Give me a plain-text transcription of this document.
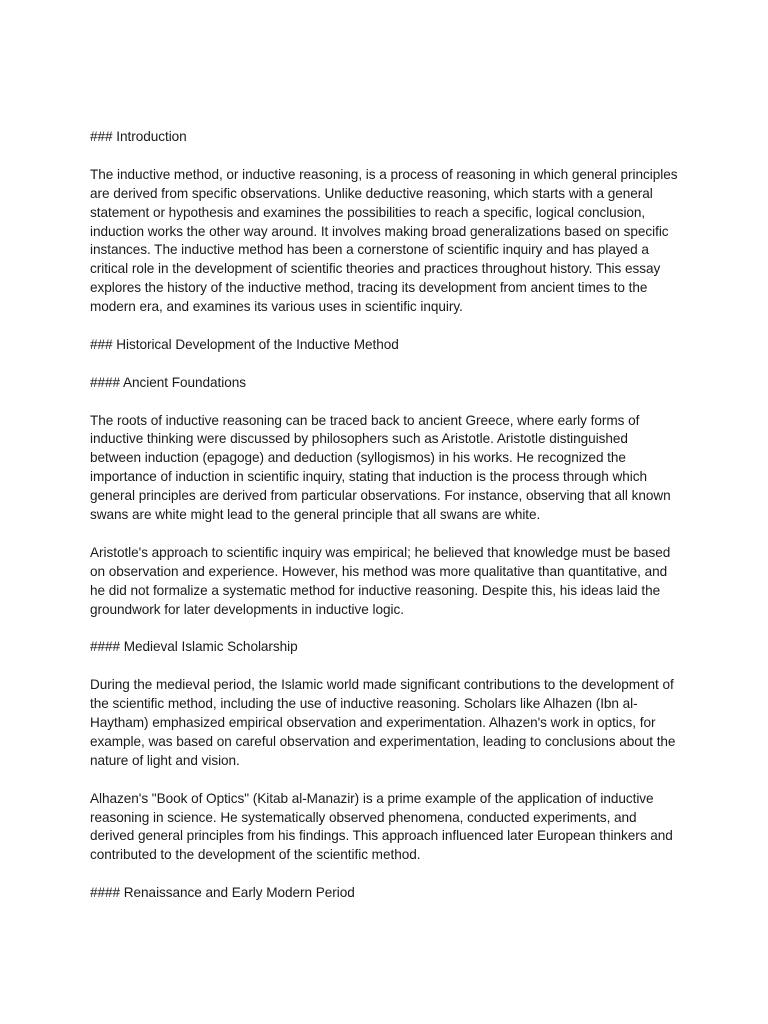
### Introduction

The inductive method, or inductive reasoning, is a process of reasoning in which general principles are derived from specific observations. Unlike deductive reasoning, which starts with a general statement or hypothesis and examines the possibilities to reach a specific, logical conclusion, induction works the other way around. It involves making broad generalizations based on specific instances. The inductive method has been a cornerstone of scientific inquiry and has played a critical role in the development of scientific theories and practices throughout history. This essay explores the history of the inductive method, tracing its development from ancient times to the modern era, and examines its various uses in scientific inquiry.

### Historical Development of the Inductive Method

#### Ancient Foundations

The roots of inductive reasoning can be traced back to ancient Greece, where early forms of inductive thinking were discussed by philosophers such as Aristotle. Aristotle distinguished between induction (epagoge) and deduction (syllogismos) in his works. He recognized the importance of induction in scientific inquiry, stating that induction is the process through which general principles are derived from particular observations. For instance, observing that all known swans are white might lead to the general principle that all swans are white.

Aristotle's approach to scientific inquiry was empirical; he believed that knowledge must be based on observation and experience. However, his method was more qualitative than quantitative, and he did not formalize a systematic method for inductive reasoning. Despite this, his ideas laid the groundwork for later developments in inductive logic.

#### Medieval Islamic Scholarship

During the medieval period, the Islamic world made significant contributions to the development of the scientific method, including the use of inductive reasoning. Scholars like Alhazen (Ibn al-Haytham) emphasized empirical observation and experimentation. Alhazen's work in optics, for example, was based on careful observation and experimentation, leading to conclusions about the nature of light and vision.

Alhazen's "Book of Optics" (Kitab al-Manazir) is a prime example of the application of inductive reasoning in science. He systematically observed phenomena, conducted experiments, and derived general principles from his findings. This approach influenced later European thinkers and contributed to the development of the scientific method.

#### Renaissance and Early Modern Period
